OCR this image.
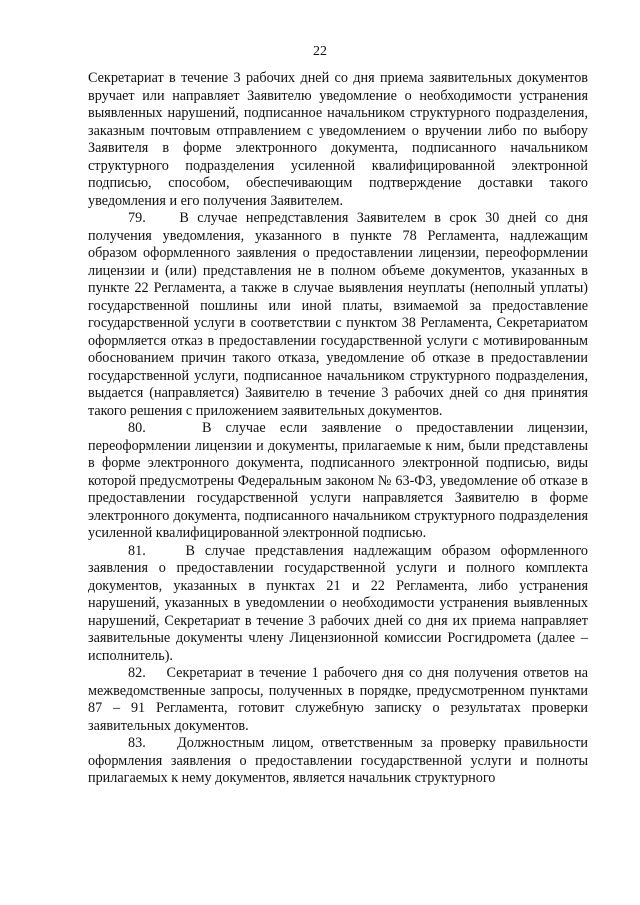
22

Секретариат в течение 3 рабочих дней со дня приема заявительных документов вручает или направляет Заявителю уведомление о необходимости устранения выявленных нарушений, подписанное начальником структурного подразделения, заказным почтовым отправлением с уведомлением о вручении либо по выбору Заявителя в форме электронного документа, подписанного начальником структурного подразделения усиленной квалифицированной электронной подписью, способом, обеспечивающим подтверждение доставки такого уведомления и его получения Заявителем.

79. В случае непредставления Заявителем в срок 30 дней со дня получения уведомления, указанного в пункте 78 Регламента, надлежащим образом оформленного заявления о предоставлении лицензии, переоформлении лицензии и (или) представления не в полном объеме документов, указанных в пункте 22 Регламента, а также в случае выявления неуплаты (неполный уплаты) государственной пошлины или иной платы, взимаемой за предоставление государственной услуги в соответствии с пунктом 38 Регламента, Секретариатом оформляется отказ в предоставлении государственной услуги с мотивированным обоснованием причин такого отказа, уведомление об отказе в предоставлении государственной услуги, подписанное начальником структурного подразделения, выдается (направляется) Заявителю в течение 3 рабочих дней со дня принятия такого решения с приложением заявительных документов.

80.	В случае если заявление о предоставлении лицензии, переоформлении лицензии и документы, прилагаемые к ним, были представлены в форме электронного документа, подписанного электронной подписью, виды которой предусмотрены Федеральным законом № 63-ФЗ, уведомление об отказе в предоставлении государственной услуги направляется Заявителю в форме электронного документа, подписанного начальником структурного подразделения усиленной квалифицированной электронной подписью.

81.	В случае представления надлежащим образом оформленного заявления о предоставлении государственной услуги и полного комплекта документов, указанных в пунктах 21 и 22 Регламента, либо устранения нарушений, указанных в уведомлении о необходимости устранения выявленных нарушений, Секретариат в течение 3 рабочих дней со дня их приема направляет заявительные документы члену Лицензионной комиссии Росгидромета (далее – исполнитель).

82. Секретариат в течение 1 рабочего дня со дня получения ответов на межведомственные запросы, полученных в порядке, предусмотренном пунктами 87 – 91 Регламента, готовит служебную записку о результатах проверки заявительных документов.

83. Должностным лицом, ответственным за проверку правильности оформления заявления о предоставлении государственной услуги и полноты прилагаемых к нему документов, является начальник структурного
